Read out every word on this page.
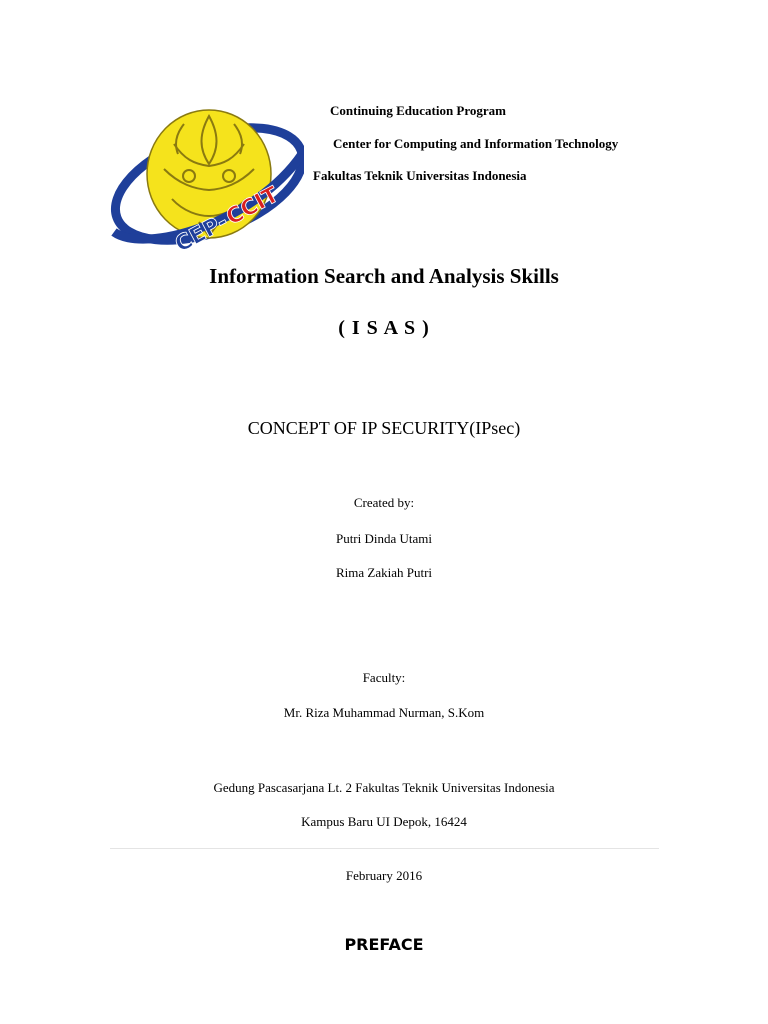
CEP-
CCIT
Continuing Education Program
Center for Computing and Information Technology
Fakultas Teknik Universitas Indonesia
Information Search and Analysis Skills
( I S A S )
CONCEPT OF IP SECURITY(IPsec)
Created by:
Putri Dinda Utami
Rima Zakiah Putri
Faculty:
Mr. Riza Muhammad Nurman, S.Kom
Gedung Pascasarjana Lt. 2 Fakultas Teknik Universitas Indonesia
Kampus Baru UI Depok, 16424
February 2016
PREFACE
